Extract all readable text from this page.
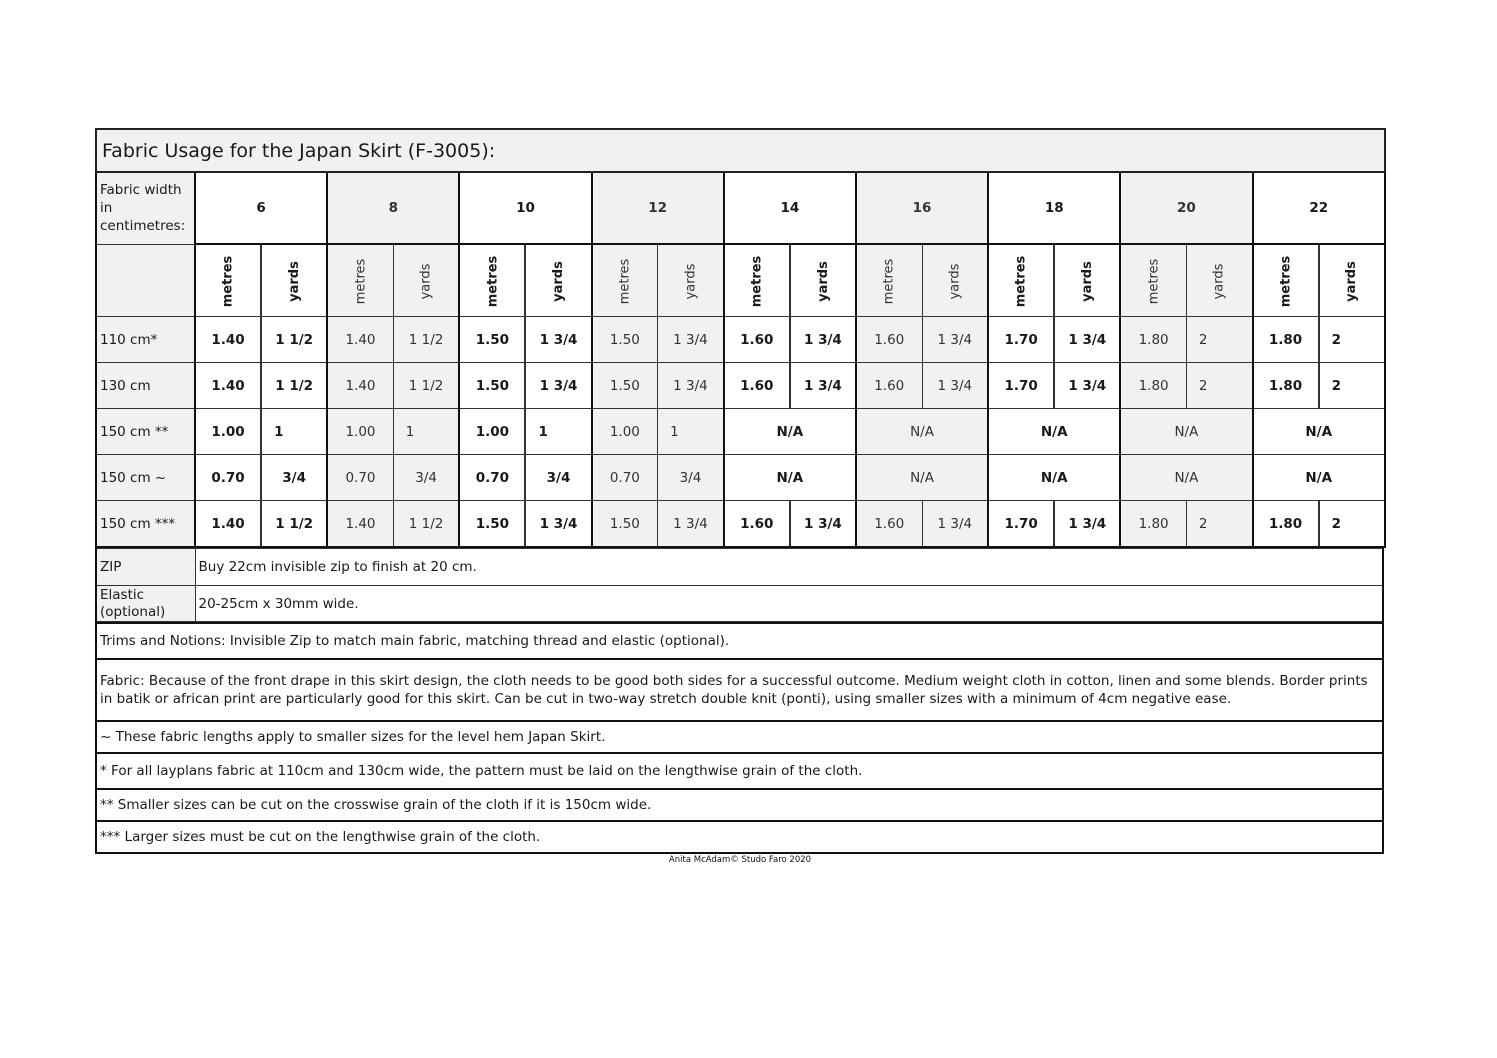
Fabric Usage for the Japan Skirt (F-3005):																		
Fabric width in centimetres:	6		8		10		12		14		16		18		20		22	
	metres	yards	metres	yards	metres	yards	metres	yards	metres	yards	metres	yards	metres	yards	metres	yards	metres	yards
110 cm*	1.40	1 1/2	1.40	1 1/2	1.50	1 3/4	1.50	1 3/4	1.60	1 3/4	1.60	1 3/4	1.70	1 3/4	1.80	2	1.80	2
130 cm	1.40	1 1/2	1.40	1 1/2	1.50	1 3/4	1.50	1 3/4	1.60	1 3/4	1.60	1 3/4	1.70	1 3/4	1.80	2	1.80	2
150 cm **	1.00	1	1.00	1	1.00	1	1.00	1	N/A		N/A		N/A		N/A		N/A	
150 cm ~	0.70	3/4	0.70	3/4	0.70	3/4	0.70	3/4	N/A		N/A		N/A		N/A		N/A	
150 cm ***	1.40	1 1/2	1.40	1 1/2	1.50	1 3/4	1.50	1 3/4	1.60	1 3/4	1.60	1 3/4	1.70	1 3/4	1.80	2	1.80	2
ZIP	Buy 22cm invisible zip to finish at 20 cm.

Elastic
(optional)	20-25cm x 30mm wide.
Trims and Notions: Invisible Zip to match main fabric, matching thread and elastic (optional).
Fabric: Because of the front drape in this skirt design, the cloth needs to be good both sides for a successful outcome. Medium weight cloth in cotton, linen and some blends. Border prints in batik or african print are particularly good for this skirt. Can be cut in two-way stretch double knit (ponti), using smaller sizes with a minimum of 4cm negative ease.
~ These fabric lengths apply to smaller sizes for the level hem Japan Skirt.
* For all layplans fabric at 110cm and 130cm wide, the pattern must be laid on the lengthwise grain of the cloth.
** Smaller sizes can be cut on the crosswise grain of the cloth if it is 150cm wide.
*** Larger sizes must be cut on the lengthwise grain of the cloth.
Anita McAdam© Studo Faro 2020
